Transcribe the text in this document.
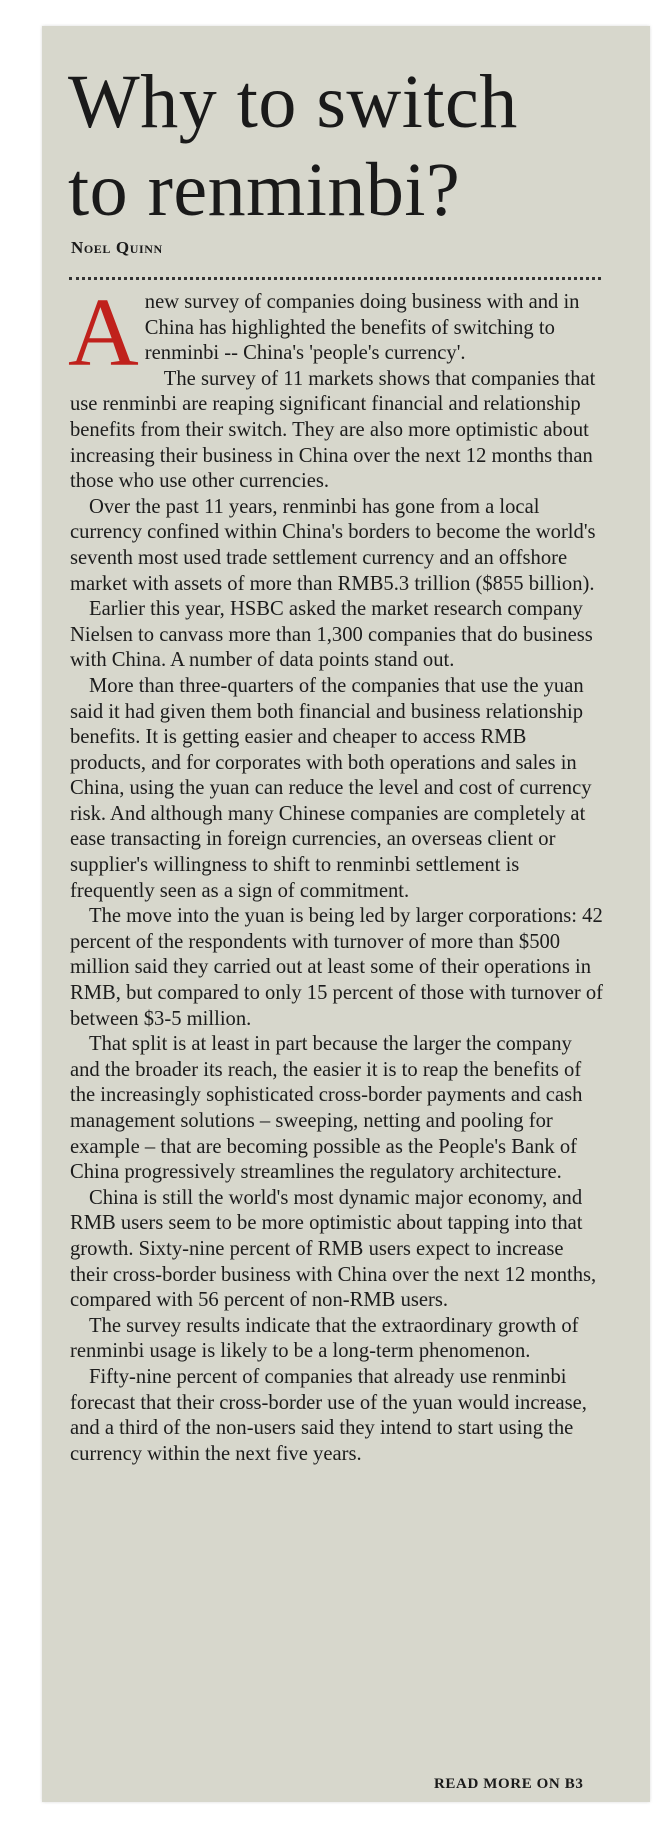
Why to switch
to renminbi?
Noel Quinn

Anew survey of companies doing business with and in China has highlighted the benefits of switching to renminbi -- China's 'people's currency'.

The survey of 11 markets shows that companies that use renminbi are reaping significant financial and relationship benefits from their switch. They are also more optimistic about increasing their business in China over the next 12 months than those who use other currencies.

Over the past 11 years, renminbi has gone from a local currency confined within China's borders to become the world's seventh most used trade settlement currency and an offshore market with assets of more than RMB5.3 trillion ($855 billion).

Earlier this year, HSBC asked the market research company Nielsen to canvass more than 1,300 companies that do business with China. A number of data points stand out.

More than three-quarters of the companies that use the yuan said it had given them both financial and business relationship benefits. It is getting easier and cheaper to access RMB products, and for corporates with both operations and sales in China, using the yuan can reduce the level and cost of currency risk. And although many Chinese companies are completely at ease transacting in foreign currencies, an overseas client or supplier's willingness to shift to renminbi settlement is frequently seen as a sign of commitment.

The move into the yuan is being led by larger corporations: 42 percent of the respondents with turnover of more than $500 million said they carried out at least some of their operations in RMB, but compared to only 15 percent of those with turnover of between $3-5 million.

That split is at least in part because the larger the company and the broader its reach, the easier it is to reap the benefits of the increasingly sophisticated cross-border payments and cash management solutions – sweeping, netting and pooling for example – that are becoming possible as the People's Bank of China progressively streamlines the regulatory architecture.

China is still the world's most dynamic major economy, and RMB users seem to be more optimistic about tapping into that growth. Sixty-nine percent of RMB users expect to increase their cross-border business with China over the next 12 months, compared with 56 percent of non-RMB users.

The survey results indicate that the extraordinary growth of renminbi usage is likely to be a long-term phenomenon.

Fifty-nine percent of companies that already use renminbi forecast that their cross-border use of the yuan would increase, and a third of the non-users said they intend to start using the currency within the next five years.

READ MORE ON B3
